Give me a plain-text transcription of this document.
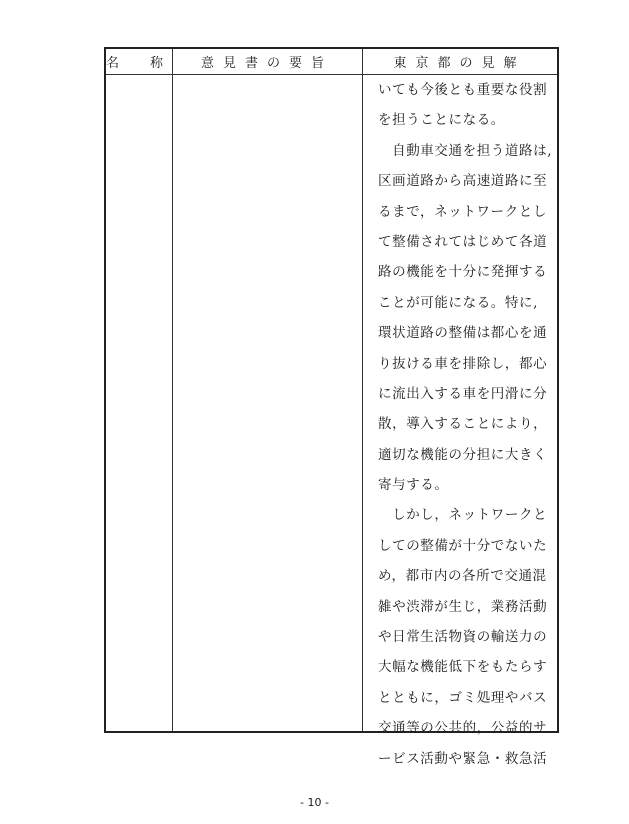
名　称	意見書の要旨	東京都の見解
いても今後とも重要な役割
を担うことになる。
　自動車交通を担う道路は,
区画道路から高速道路に至
るまで，ネットワークとし
て整備されてはじめて各道
路の機能を十分に発揮する
ことが可能になる。特に,
環状道路の整備は都心を通
り抜ける車を排除し，都心
に流出入する車を円滑に分
散，導入することにより，
適切な機能の分担に大きく
寄与する。
　しかし，ネットワークと
しての整備が十分でないた
め，都市内の各所で交通混
雑や渋滞が生じ，業務活動
や日常生活物資の輸送力の
大幅な機能低下をもたらす
とともに，ゴミ処理やバス
交通等の公共的，公益的サ
ービス活動や緊急・救急活
- 10 -
